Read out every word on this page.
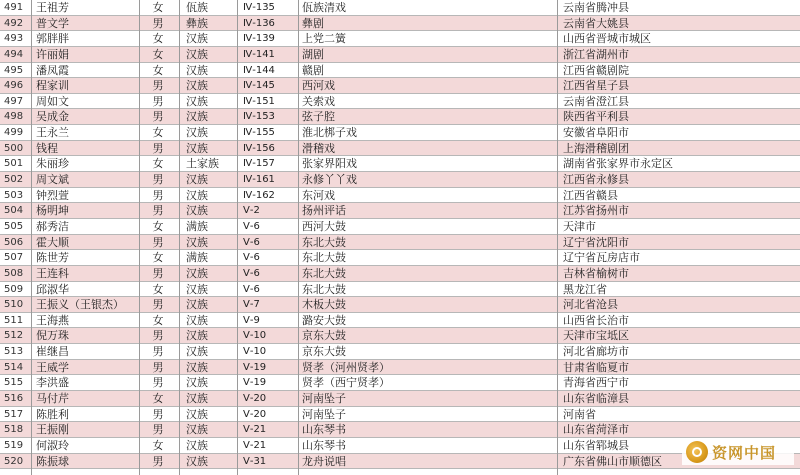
491	王祖芳	女	佤族	Ⅳ-135	佤族清戏	云南省腾冲县
492	普文学	男	彝族	Ⅳ-136	彝剧	云南省大姚县
493	郭胖胖	女	汉族	Ⅳ-139	上党二簧	山西省晋城市城区
494	许丽娟	女	汉族	Ⅳ-141	湖剧	浙江省湖州市
495	潘凤霞	女	汉族	Ⅳ-144	赣剧	江西省赣剧院
496	程家训	男	汉族	Ⅳ-145	西河戏	江西省星子县
497	周如文	男	汉族	Ⅳ-151	关索戏	云南省澄江县
498	吴成金	男	汉族	Ⅳ-153	弦子腔	陕西省平利县
499	王永兰	女	汉族	Ⅳ-155	淮北梆子戏	安徽省阜阳市
500	钱程	男	汉族	Ⅳ-156	滑稽戏	上海滑稽剧团
501	朱丽珍	女	土家族	Ⅳ-157	张家界阳戏	湖南省张家界市永定区
502	周文斌	男	汉族	Ⅳ-161	永修丫丫戏	江西省永修县
503	钟烈萱	男	汉族	Ⅳ-162	东河戏	江西省赣县
504	杨明坤	男	汉族	Ⅴ-2	扬州评话	江苏省扬州市
505	郝秀洁	女	满族	Ⅴ-6	西河大鼓	天津市
506	霍大顺	男	汉族	Ⅴ-6	东北大鼓	辽宁省沈阳市
507	陈世芳	女	满族	Ⅴ-6	东北大鼓	辽宁省瓦房店市
508	王连科	男	汉族	Ⅴ-6	东北大鼓	吉林省榆树市
509	邱淑华	女	汉族	Ⅴ-6	东北大鼓	黑龙江省
510	王振义（王银杰）	男	汉族	Ⅴ-7	木板大鼓	河北省沧县
511	王海燕	女	汉族	Ⅴ-9	潞安大鼓	山西省长治市
512	倪万珠	男	汉族	Ⅴ-10	京东大鼓	天津市宝坻区
513	崔继昌	男	汉族	Ⅴ-10	京东大鼓	河北省廊坊市
514	王威学	男	汉族	Ⅴ-19	贤孝（河州贤孝）	甘肃省临夏市
515	李洪盛	男	汉族	Ⅴ-19	贤孝（西宁贤孝）	青海省西宁市
516	马付芹	女	汉族	Ⅴ-20	河南坠子	山东省临漳县
517	陈胜利	男	汉族	Ⅴ-20	河南坠子	河南省
518	王振刚	男	汉族	Ⅴ-21	山东琴书	山东省菏泽市
519	何淑玲	女	汉族	Ⅴ-21	山东琴书	山东省郓城县
520	陈振球	男	汉族	Ⅴ-31	龙舟说唱	广东省佛山市顺德区	资网中国
